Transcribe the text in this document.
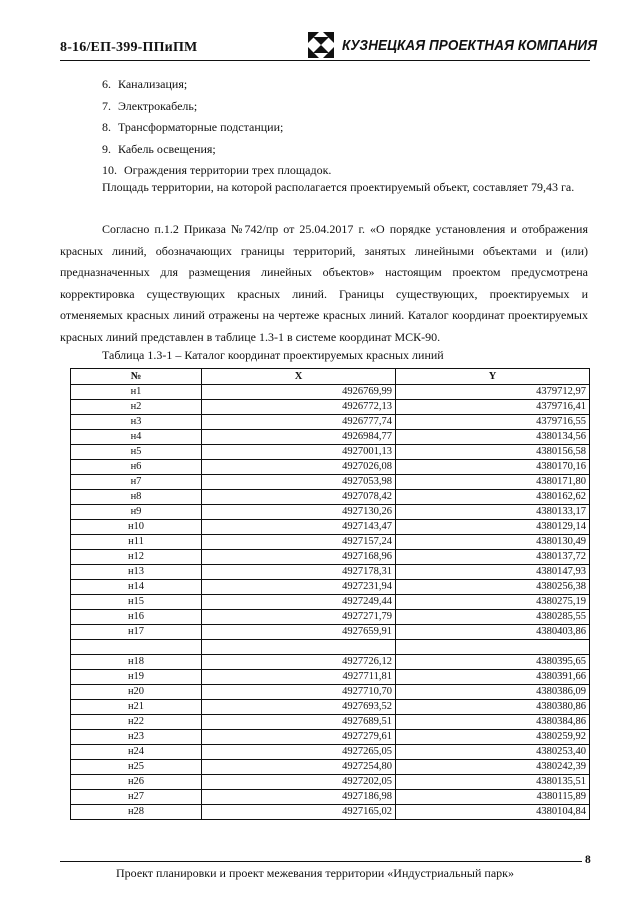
8-16/ЕП-399-ППиПМ	КУЗНЕЦКАЯ ПРОЕКТНАЯ КОМПАНИЯ
6. Канализация;
7. Электрокабель;
8. Трансформаторные подстанции;
9. Кабель освещения;
10. Ограждения территории трех площадок.

Площадь территории, на которой располагается проектируемый объект, составляет 79,43 га.

Согласно п.1.2 Приказа №742/пр от 25.04.2017 г. «О порядке установления и отображения красных линий, обозначающих границы территорий, занятых линейными объектами и (или) предназначенных для размещения линейных объектов» настоящим проектом предусмотрена корректировка существующих красных линий. Границы существующих, проектируемых и отменяемых красных линий отражены на чертеже красных линий. Каталог координат проектируемых красных линий представлен в таблице 1.3-1 в системе координат МСК-90.

Таблица 1.3-1 – Каталог координат проектируемых красных линий
№	X	Y
н1	4926769,99	4379712,97
н2	4926772,13	4379716,41
н3	4926777,74	4379716,55
н4	4926984,77	4380134,56
н5	4927001,13	4380156,58
н6	4927026,08	4380170,16
н7	4927053,98	4380171,80
н8	4927078,42	4380162,62
н9	4927130,26	4380133,17
н10	4927143,47	4380129,14
н11	4927157,24	4380130,49
н12	4927168,96	4380137,72
н13	4927178,31	4380147,93
н14	4927231,94	4380256,38
н15	4927249,44	4380275,19
н16	4927271,79	4380285,55
н17	4927659,91	4380403,86

н18	4927726,12	4380395,65
н19	4927711,81	4380391,66
н20	4927710,70	4380386,09
н21	4927693,52	4380380,86
н22	4927689,51	4380384,86
н23	4927279,61	4380259,92
н24	4927265,05	4380253,40
н25	4927254,80	4380242,39
н26	4927202,05	4380135,51
н27	4927186,98	4380115,89
н28	4927165,02	4380104,84
8
Проект планировки и проект межевания территории «Индустриальный парк»
